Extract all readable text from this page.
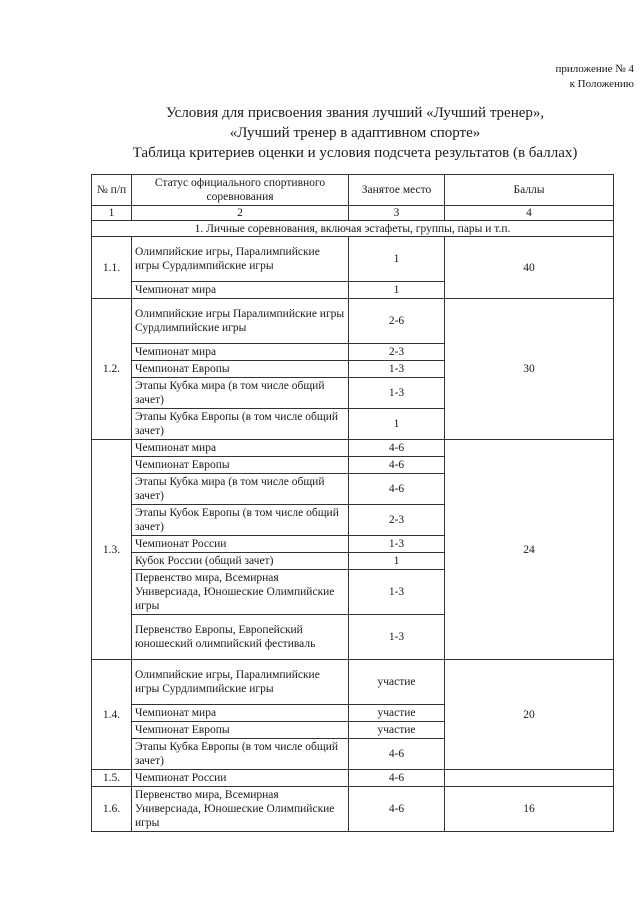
приложение № 4
к Положению
Условия для присвоения звания лучший «Лучший тренер»,
«Лучший тренер в адаптивном спорте»
Таблица критериев оценки и условия подсчета результатов (в баллах)
№ п/п	Статус официального спортивного соревнования	Занятое место	Баллы
1	2	3	4
1. Личные соревнования, включая эстафеты, группы, пары и т.п.			
1.1.	Олимпийские игры, Паралимпийские игры Сурдлимпийские игры	1	40
	Чемпионат мира	1	
1.2.	Олимпийские игры Паралимпийские игры Сурдлимпийские игры	2-6	30
	Чемпионат мира	2-3	
	Чемпионат Европы	1-3	
	Этапы Кубка мира (в том числе общий зачет)	1-3	
	Этапы Кубка Европы (в том числе общий зачет)	1	
1.3.	Чемпионат мира	4-6	24
	Чемпионат Европы	4-6	
	Этапы Кубка мира (в том числе общий зачет)	4-6	
	Этапы Кубок Европы (в том числе общий зачет)	2-3	
	Чемпионат России	1-3	
	Кубок России (общий зачет)	1	
	Первенство мира, Всемирная Универсиада, Юношеские Олимпийские игры	1-3	
	Первенство Европы, Европейский юношеский олимпийский фестиваль	1-3	
1.4.	Олимпийские игры, Паралимпийские игры Сурдлимпийские игры	участие	20
	Чемпионат мира	участие	
	Чемпионат Европы	участие	
	Этапы Кубка Европы (в том числе общий зачет)	4-6	
1.5.	Чемпионат России	4-6	
1.6.	Первенство мира, Всемирная Универсиада, Юношеские Олимпийские игры	4-6	16
